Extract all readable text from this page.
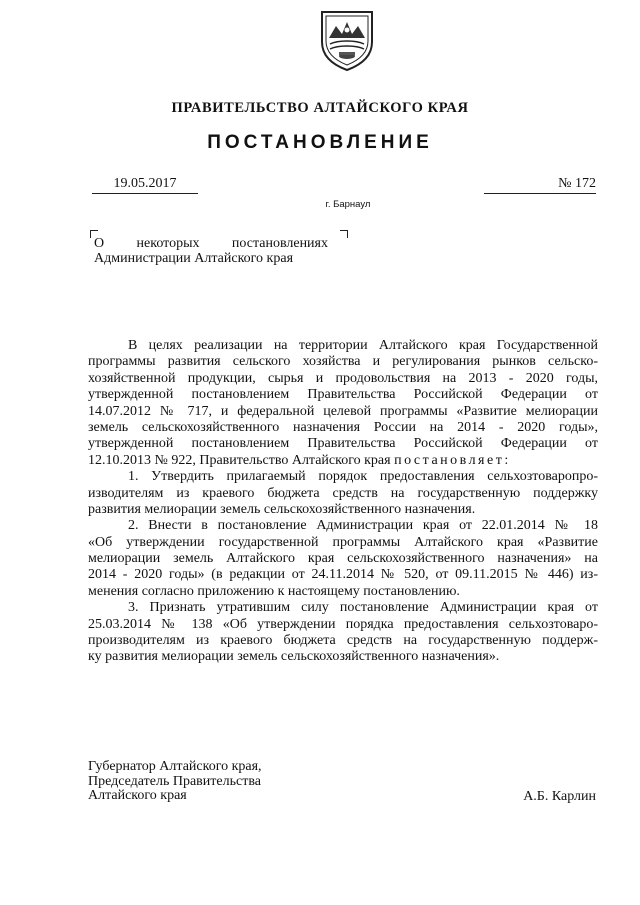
ПРАВИТЕЛЬСТВО АЛТАЙСКОГО КРАЯ
ПОСТАНОВЛЕНИЕ
19.05.2017	№ 172
г. Барнаул
О некоторых постановлениях
Администрации Алтайского края
В целях реализации на территории Алтайского края Государственной
программы развития сельского хозяйства и регулирования рынков сельско-
хозяйственной продукции, сырья и продовольствия на 2013 - 2020 годы,
утвержденной постановлением Правительства Российской Федерации от
14.07.2012 № 717, и федеральной целевой программы «Развитие мелиорации
земель сельскохозяйственного назначения России на 2014 - 2020 годы»,
утвержденной постановлением Правительства Российской Федерации от
12.10.2013 № 922, Правительство Алтайского края постановляет:
1. Утвердить прилагаемый порядок предоставления сельхозтоваропро-
изводителям из краевого бюджета средств на государственную поддержку
развития мелиорации земель сельскохозяйственного назначения.
2. Внести в постановление Администрации края от 22.01.2014 № 18
«Об утверждении государственной программы Алтайского края «Развитие
мелиорации земель Алтайского края сельскохозяйственного назначения» на
2014 - 2020 годы» (в редакции от 24.11.2014 № 520, от 09.11.2015 № 446) из-
менения согласно приложению к настоящему постановлению.
3. Признать утратившим силу постановление Администрации края от
25.03.2014 № 138 «Об утверждении порядка предоставления сельхозтоваро-
производителям из краевого бюджета средств на государственную поддерж-
ку развития мелиорации земель сельскохозяйственного назначения».
Губернатор Алтайского края,
Председатель Правительства
Алтайского края	А.Б. Карлин
